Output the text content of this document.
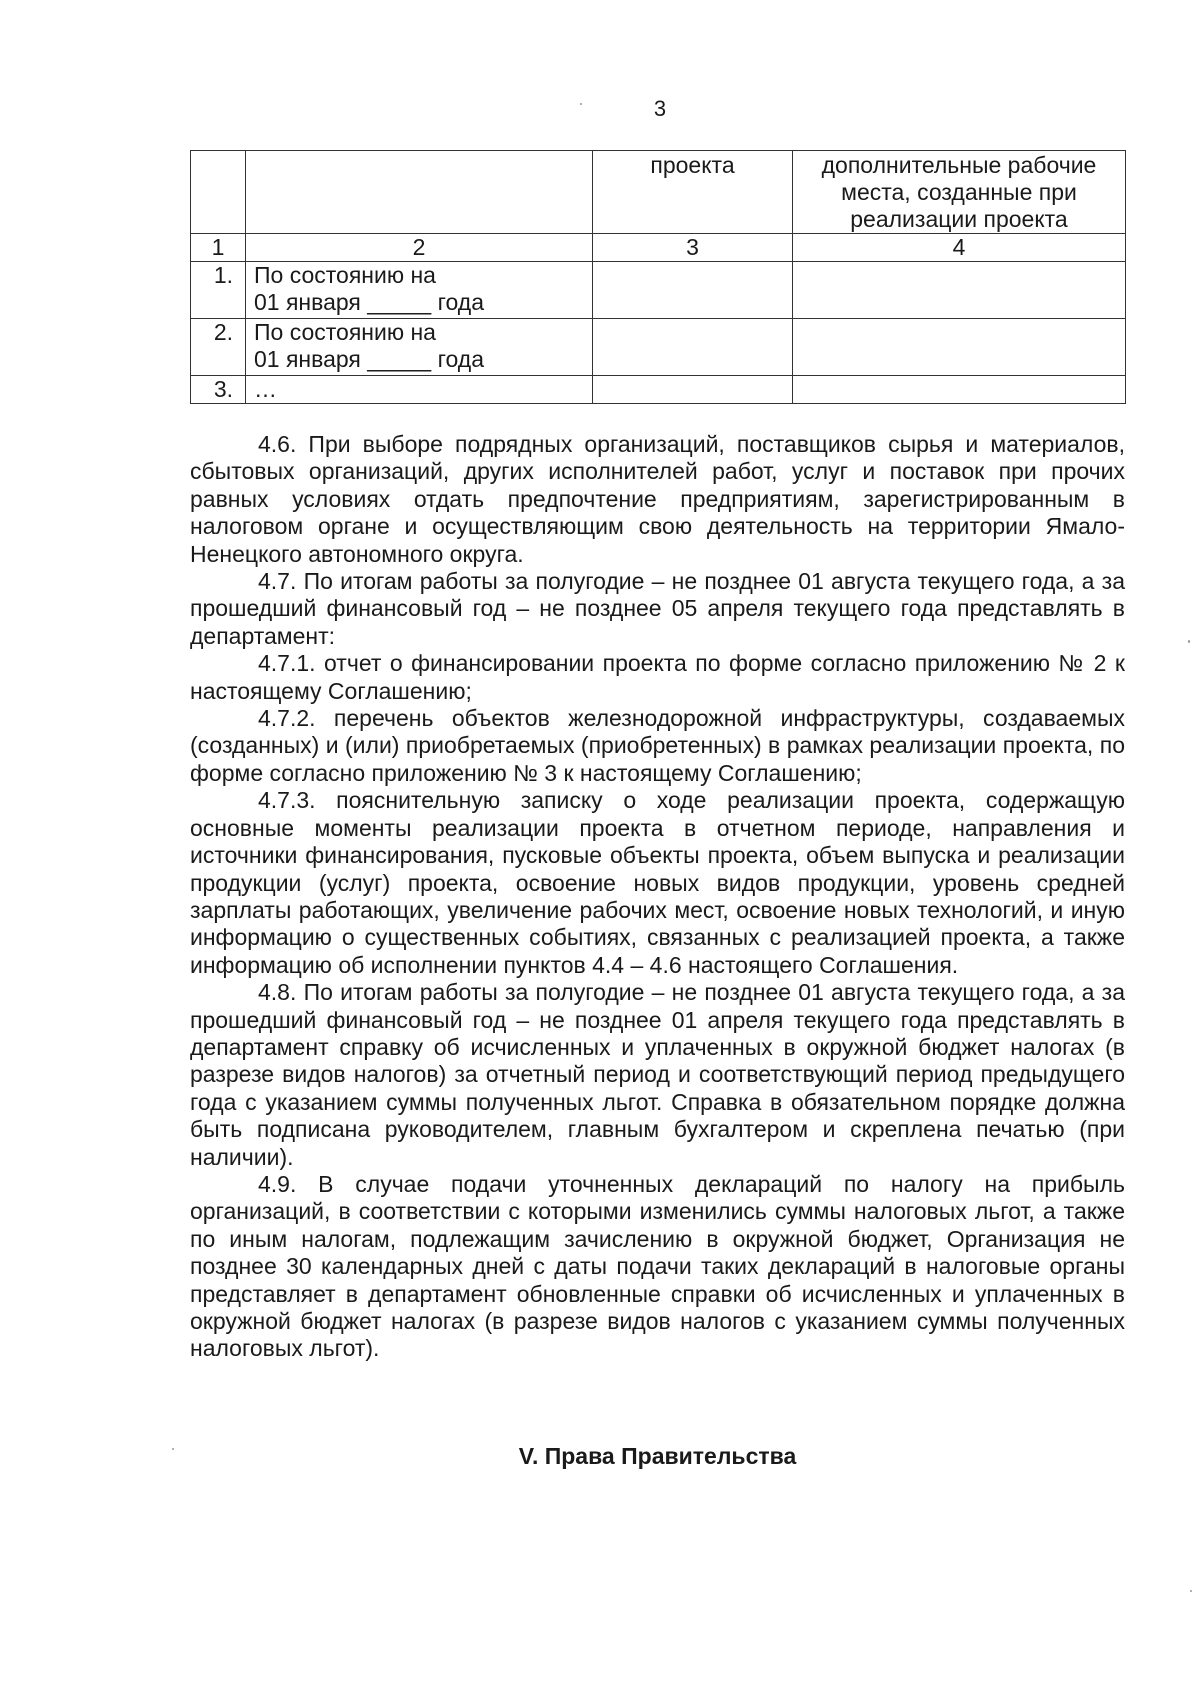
3
		проекта	дополнительные рабочие места, созданные при реализации проекта
1	2	3	4
1.	По состоянию на
01 января _____ года		

2.	По состоянию на
01 января _____ года		

3.	…		

4.6. При выборе подрядных организаций, поставщиков сырья и материалов, сбытовых организаций, других исполнителей работ, услуг и поставок при прочих равных условиях отдать предпочтение предприятиям, зарегистрированным в налоговом органе и осуществляющим свою деятельность на территории Ямало-Ненецкого автономного округа.

4.7. По итогам работы за полугодие – не позднее 01 августа текущего года, а за прошедший финансовый год – не позднее 05 апреля текущего года представлять в департамент:

4.7.1. отчет о финансировании проекта по форме согласно приложению № 2 к настоящему Соглашению;

4.7.2. перечень объектов железнодорожной инфраструктуры, создаваемых (созданных) и (или) приобретаемых (приобретенных) в рамках реализации проекта, по форме согласно приложению № 3 к настоящему Соглашению;

4.7.3. пояснительную записку о ходе реализации проекта, содержащую основные моменты реализации проекта в отчетном периоде, направления и источники финансирования, пусковые объекты проекта, объем выпуска и реализации продукции (услуг) проекта, освоение новых видов продукции, уровень средней зарплаты работающих, увеличение рабочих мест, освоение новых технологий, и иную информацию о существенных событиях, связанных с реализацией проекта, а также информацию об исполнении пунктов 4.4 – 4.6 настоящего Соглашения.

4.8. По итогам работы за полугодие – не позднее 01 августа текущего года, а за прошедший финансовый год – не позднее 01 апреля текущего года представлять в департамент справку об исчисленных и уплаченных в окружной бюджет налогах (в разрезе видов налогов) за отчетный период и соответствующий период предыдущего года с указанием суммы полученных льгот. Справка в обязательном порядке должна быть подписана руководителем, главным бухгалтером и скреплена печатью (при наличии).

4.9. В случае подачи уточненных деклараций по налогу на прибыль организаций, в соответствии с которыми изменились суммы налоговых льгот, а также по иным налогам, подлежащим зачислению в окружной бюджет, Организация не позднее 30 календарных дней с даты подачи таких деклараций в налоговые органы представляет в департамент обновленные справки об исчисленных и уплаченных в окружной бюджет налогах (в разрезе видов налогов с указанием суммы полученных налоговых льгот).

V. Права Правительства
